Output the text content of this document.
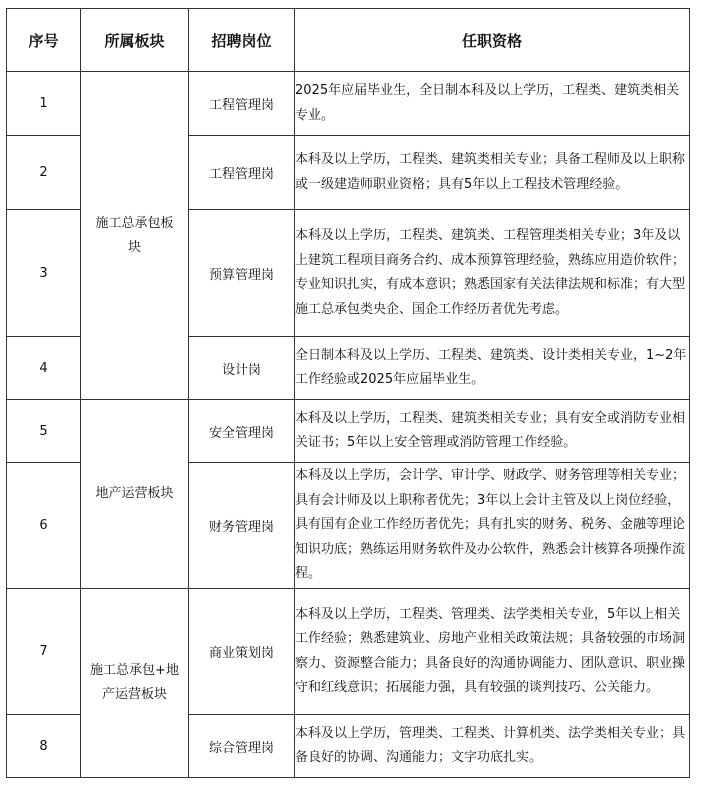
序号	所属板块	招聘岗位	任职资格
1	施工总承包板块	工程管理岗	2025年应届毕业生，全日制本科及以上学历，工程类、建筑类相关专业。
2		工程管理岗	本科及以上学历，工程类、建筑类相关专业；具备工程师及以上职称或一级建造师职业资格；具有5年以上工程技术管理经验。
3		预算管理岗	本科及以上学历，工程类、建筑类、工程管理类相关专业；3年及以上建筑工程项目商务合约、成本预算管理经验，熟练应用造价软件；专业知识扎实，有成本意识；熟悉国家有关法律法规和标准；有大型施工总承包类央企、国企工作经历者优先考虑。
4		设计岗	全日制本科及以上学历、工程类、建筑类、设计类相关专业，1~2年工作经验或2025年应届毕业生。
5	地产运营板块	安全管理岗	本科及以上学历，工程类、建筑类相关专业；具有安全或消防专业相关证书；5年以上安全管理或消防管理工作经验。
6		财务管理岗	本科及以上学历，会计学、审计学、财政学、财务管理等相关专业；具有会计师及以上职称者优先；3年以上会计主管及以上岗位经验，具有国有企业工作经历者优先；具有扎实的财务、税务、金融等理论知识功底；熟练运用财务软件及办公软件，熟悉会计核算各项操作流程。
7	施工总承包+地产运营板块	商业策划岗	本科及以上学历，工程类、管理类、法学类相关专业，5年以上相关工作经验；熟悉建筑业、房地产业相关政策法规；具备较强的市场洞察力、资源整合能力；具备良好的沟通协调能力、团队意识、职业操守和红线意识；拓展能力强，具有较强的谈判技巧、公关能力。
8		综合管理岗	本科及以上学历，管理类、工程类、计算机类、法学类相关专业；具备良好的协调、沟通能力；文字功底扎实。
